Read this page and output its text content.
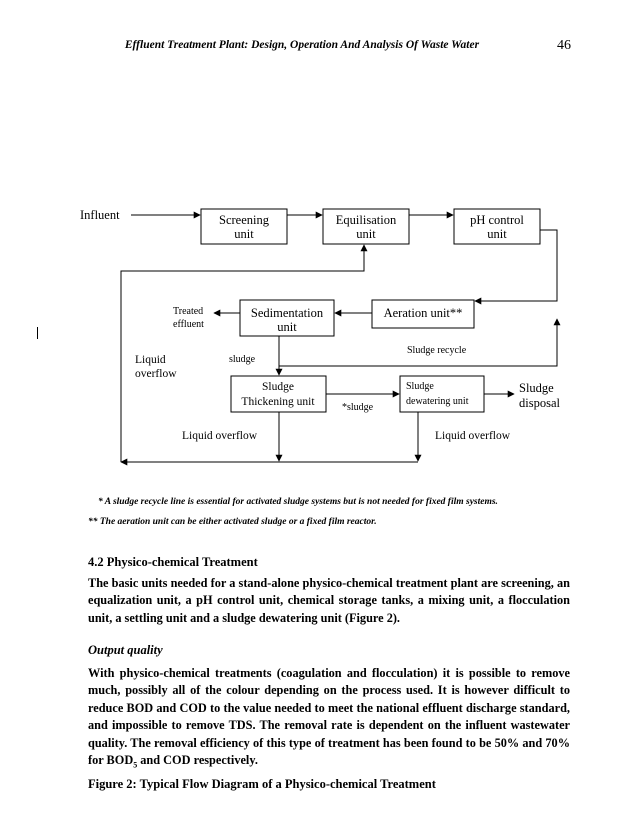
Effluent Treatment Plant: Design, Operation And Analysis Of Waste Water	46
Influent	Screening
unit
Equilisation
unit
pH control
unit
Sedimentation
unit
Aeration unit**
Treated
effluent
Liquid
overflow
sludge
Sludge recycle
Sludge
Thickening unit
Sludge
dewatering unit
*sludge
Sludge
disposal
Liquid overflow	Liquid overflow
* A sludge recycle line is essential for activated sludge systems but is not needed for fixed film systems.
** The aeration unit can be either activated sludge or a fixed film reactor.
4.2 Physico-chemical Treatment

The basic units needed for a stand-alone physico-chemical treatment plant are screening, an equalization unit, a pH control unit, chemical storage tanks, a mixing unit, a flocculation unit, a settling unit and a sludge dewatering unit (Figure 2).

Output quality

With physico-chemical treatments (coagulation and flocculation) it is possible to remove much, possibly all of the colour depending on the process used. It is however difficult to reduce BOD and COD to the value needed to meet the national effluent discharge standard, and impossible to remove TDS. The removal rate is dependent on the influent wastewater quality. The removal efficiency of this type of treatment has been found to be 50% and 70% for $BOD_5$ and COD respectively.

Figure 2: Typical Flow Diagram of a Physico-chemical Treatment
